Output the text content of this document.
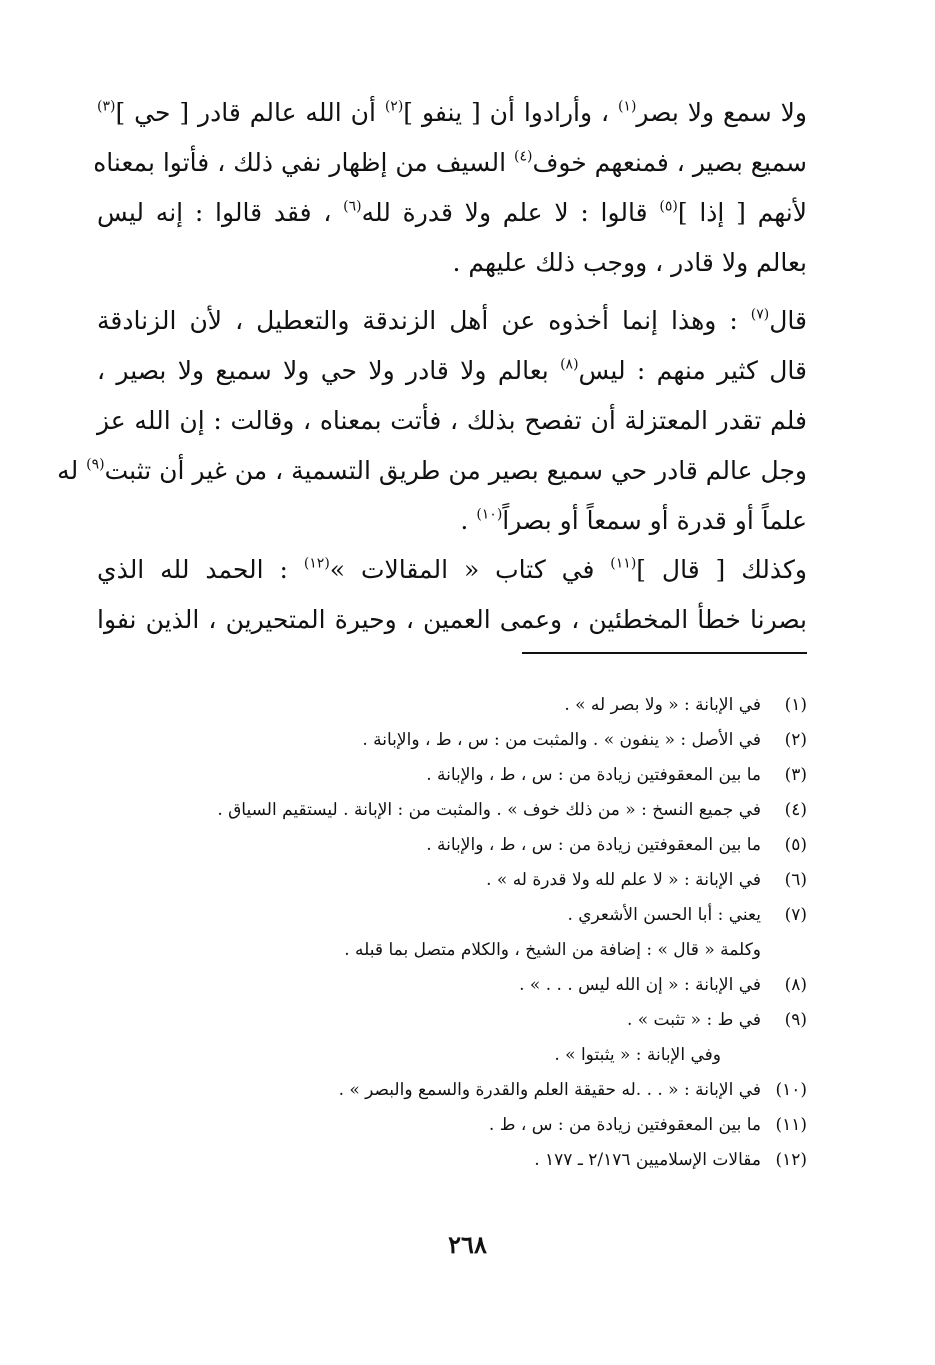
ولا سمع ولا بصر$^{(١)}$ ، وأرادوا أن [ ينفو ]$^{(٢)}$ أن الله عالم قادر [ حي ]$^{(٣)}$
سميع بصير ، فمنعهم خوف$^{(٤)}$ السيف من إظهار نفي ذلك ، فأتوا بمعناه
لأنهم [ إذا ]$^{(٥)}$ قالوا : لا علم ولا قدرة لله$^{(٦)}$ ، فقد قالوا : إنه ليس
بعالم ولا قادر ، ووجب ذلك عليهم .
قال$^{(٧)}$ : وهذا إنما أخذوه عن أهل الزندقة والتعطيل ، لأن الزنادقة
قال كثير منهم : ليس$^{(٨)}$ بعالم ولا قادر ولا حي ولا سميع ولا بصير ،
فلم تقدر المعتزلة أن تفصح بذلك ، فأتت بمعناه ، وقالت : إن الله عز
وجل عالم قادر حي سميع بصير من طريق التسمية ، من غير أن تثبت$^{(٩)}$ له
علماً أو قدرة أو سمعاً أو بصراً$^{(١٠)}$ .
وكذلك [ قال ]$^{(١١)}$ في كتاب « المقالات »$^{(١٢)}$ : الحمد لله الذي
بصرنا خطأ المخطئين ، وعمى العمين ، وحيرة المتحيرين ، الذين نفوا
(١)
في الإبانة : « ولا بصر له » .
(٢)
في الأصل : « ينفون » . والمثبت من : س ، ط ، والإبانة .
(٣)
ما بين المعقوفتين زيادة من : س ، ط ، والإبانة .
(٤)
في جميع النسخ : « من ذلك خوف » . والمثبت من : الإبانة . ليستقيم السياق .
(٥)
ما بين المعقوفتين زيادة من : س ، ط ، والإبانة .
(٦)
في الإبانة : « لا علم لله ولا قدرة له » .
(٧)
يعني : أبا الحسن الأشعري .
وكلمة « قال » : إضافة من الشيخ ، والكلام متصل بما قبله .
(٨)
في الإبانة : « إن الله ليس . . . » .
(٩)
في ط : « تثبت » .
وفي الإبانة : « يثبتوا » .
(١٠)
في الإبانة : « . . .له حقيقة العلم والقدرة والسمع والبصر » .
(١١)
ما بين المعقوفتين زيادة من : س ، ط .
(١٢)
مقالات الإسلاميين ٢/١٧٦ ـ ١٧٧ .
٢٦٨
